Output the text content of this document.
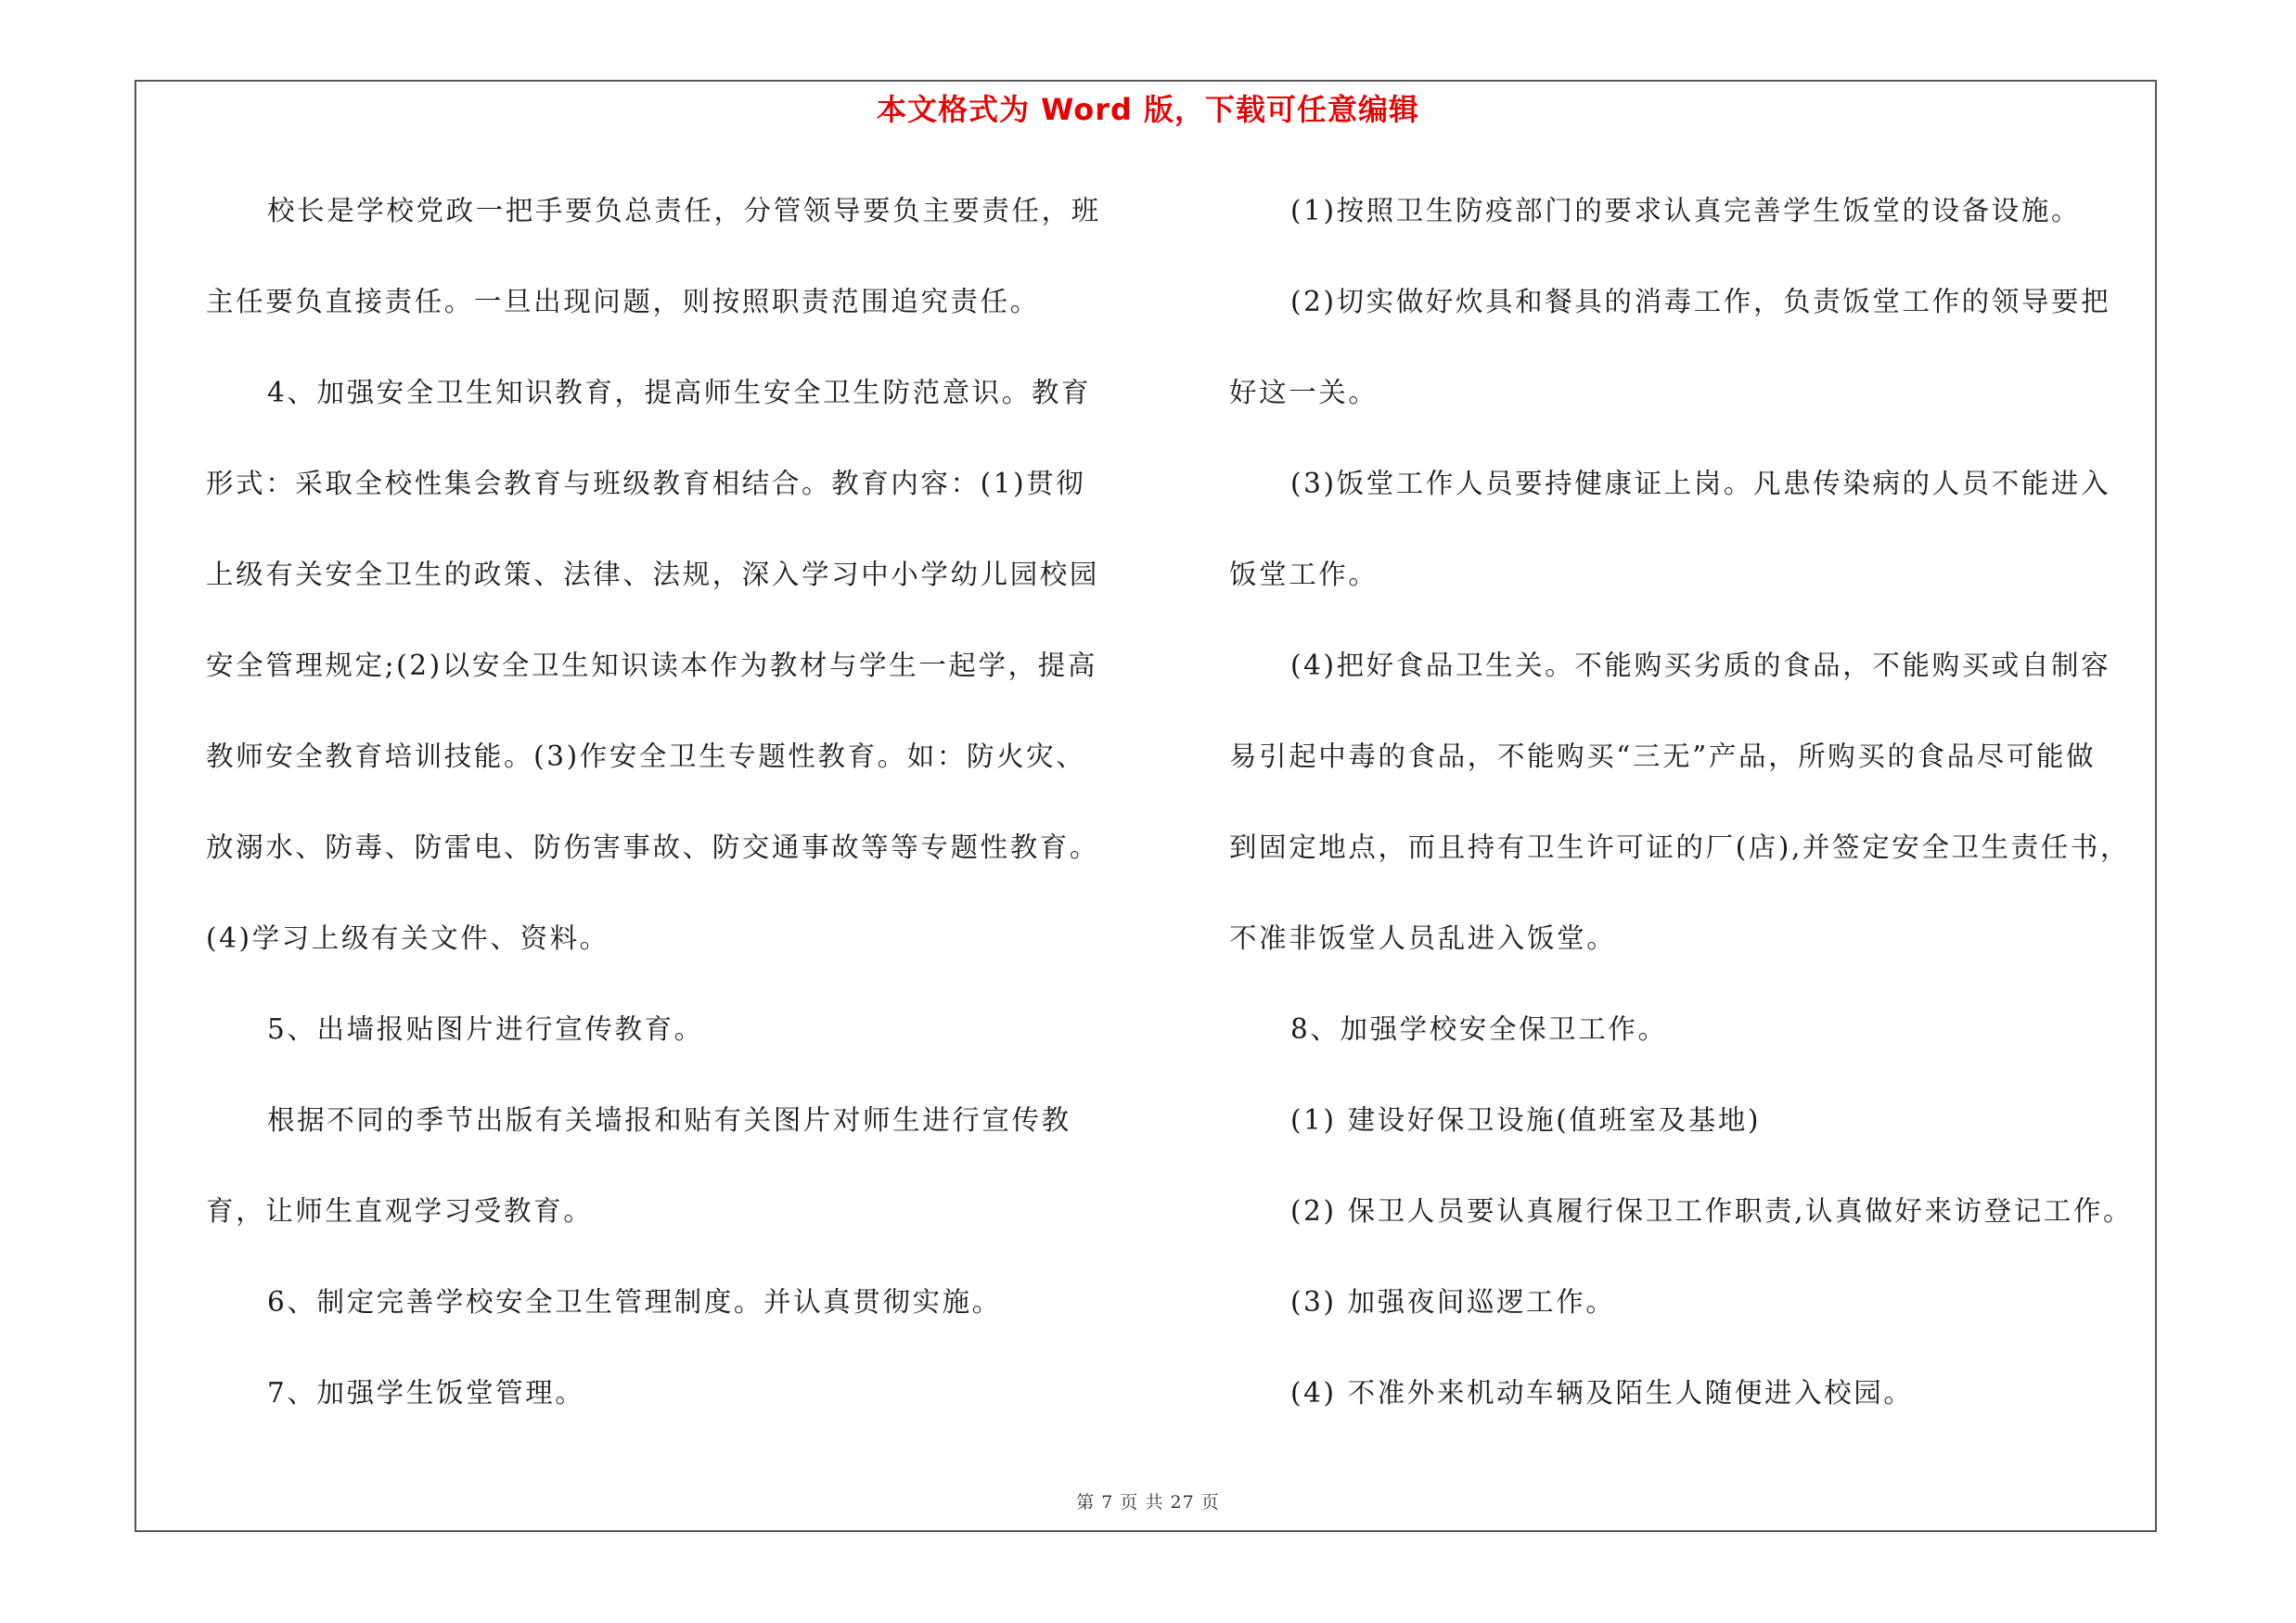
本文格式为 Word 版，下载可任意编辑
校长是学校党政一把手要负总责任，分管领导要负主要责任，班
主任要负直接责任。一旦出现问题，则按照职责范围追究责任。
4、加强安全卫生知识教育，提高师生安全卫生防范意识。教育
形式：采取全校性集会教育与班级教育相结合。教育内容：(1)贯彻
上级有关安全卫生的政策、法律、法规，深入学习中小学幼儿园校园
安全管理规定;(2)以安全卫生知识读本作为教材与学生一起学，提高
教师安全教育培训技能。(3)作安全卫生专题性教育。如：防火灾、
放溺水、防毒、防雷电、防伤害事故、防交通事故等等专题性教育。
(4)学习上级有关文件、资料。
5、出墙报贴图片进行宣传教育。
根据不同的季节出版有关墙报和贴有关图片对师生进行宣传教
育，让师生直观学习受教育。
6、制定完善学校安全卫生管理制度。并认真贯彻实施。
7、加强学生饭堂管理。
(1)按照卫生防疫部门的要求认真完善学生饭堂的设备设施。
(2)切实做好炊具和餐具的消毒工作，负责饭堂工作的领导要把
好这一关。
(3)饭堂工作人员要持健康证上岗。凡患传染病的人员不能进入
饭堂工作。
(4)把好食品卫生关。不能购买劣质的食品，不能购买或自制容
易引起中毒的食品，不能购买“三无”产品，所购买的食品尽可能做
到固定地点，而且持有卫生许可证的厂(店),并签定安全卫生责任书，
不准非饭堂人员乱进入饭堂。
8、加强学校安全保卫工作。
(1) 建设好保卫设施(值班室及基地)
(2) 保卫人员要认真履行保卫工作职责,认真做好来访登记工作。
(3) 加强夜间巡逻工作。
(4) 不准外来机动车辆及陌生人随便进入校园。
第 7 页 共 27 页
